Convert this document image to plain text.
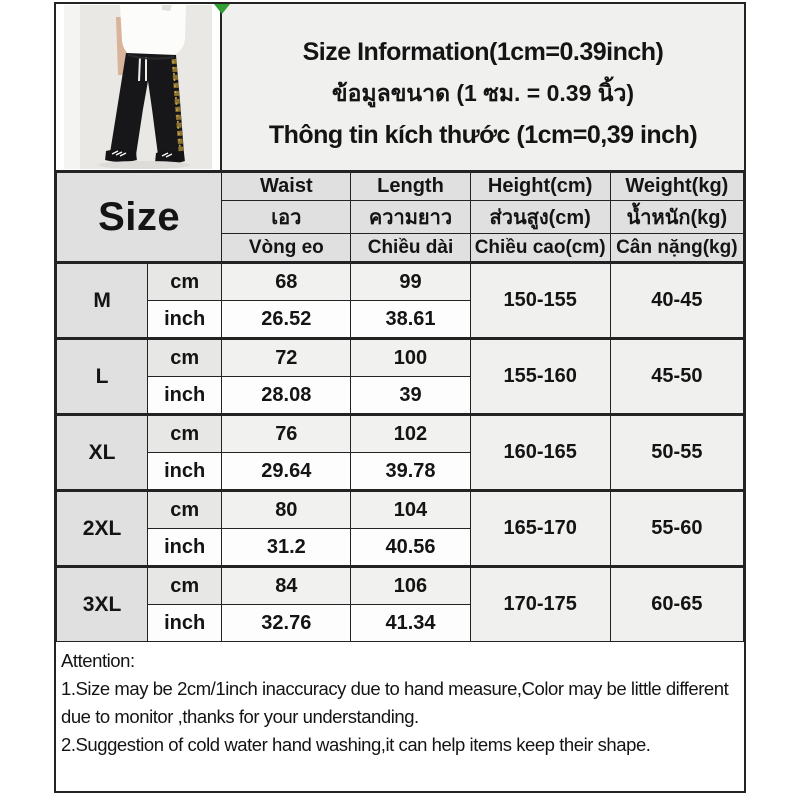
Size Information(1cm=0.39inch)
ข้อมูลขนาด (1 ซม. = 0.39 นิ้ว)
Thông tin kích thước (1cm=0,39 inch)
Size		Waist	Length	Height(cm)	Weight(kg)
		เอว	ความยาว	ส่วนสูง(cm)	น้ำหนัก(kg)
		Vòng eo	Chiều dài	Chiều cao(cm)	Cân nặng(kg)
M	cm	68	99	150-155	40-45
	inch	26.52	38.61		
L	cm	72	100	155-160	45-50
	inch	28.08	39		
XL	cm	76	102	160-165	50-55
	inch	29.64	39.78		
2XL	cm	80	104	165-170	55-60
	inch	31.2	40.56		
3XL	cm	84	106	170-175	60-65
	inch	32.76	41.34		
Attention:
1.Size may be 2cm/1inch inaccuracy due to hand measure,Color may be little different
due to monitor ,thanks for your understanding.
2.Suggestion of cold water hand washing,it can help items keep their shape.
